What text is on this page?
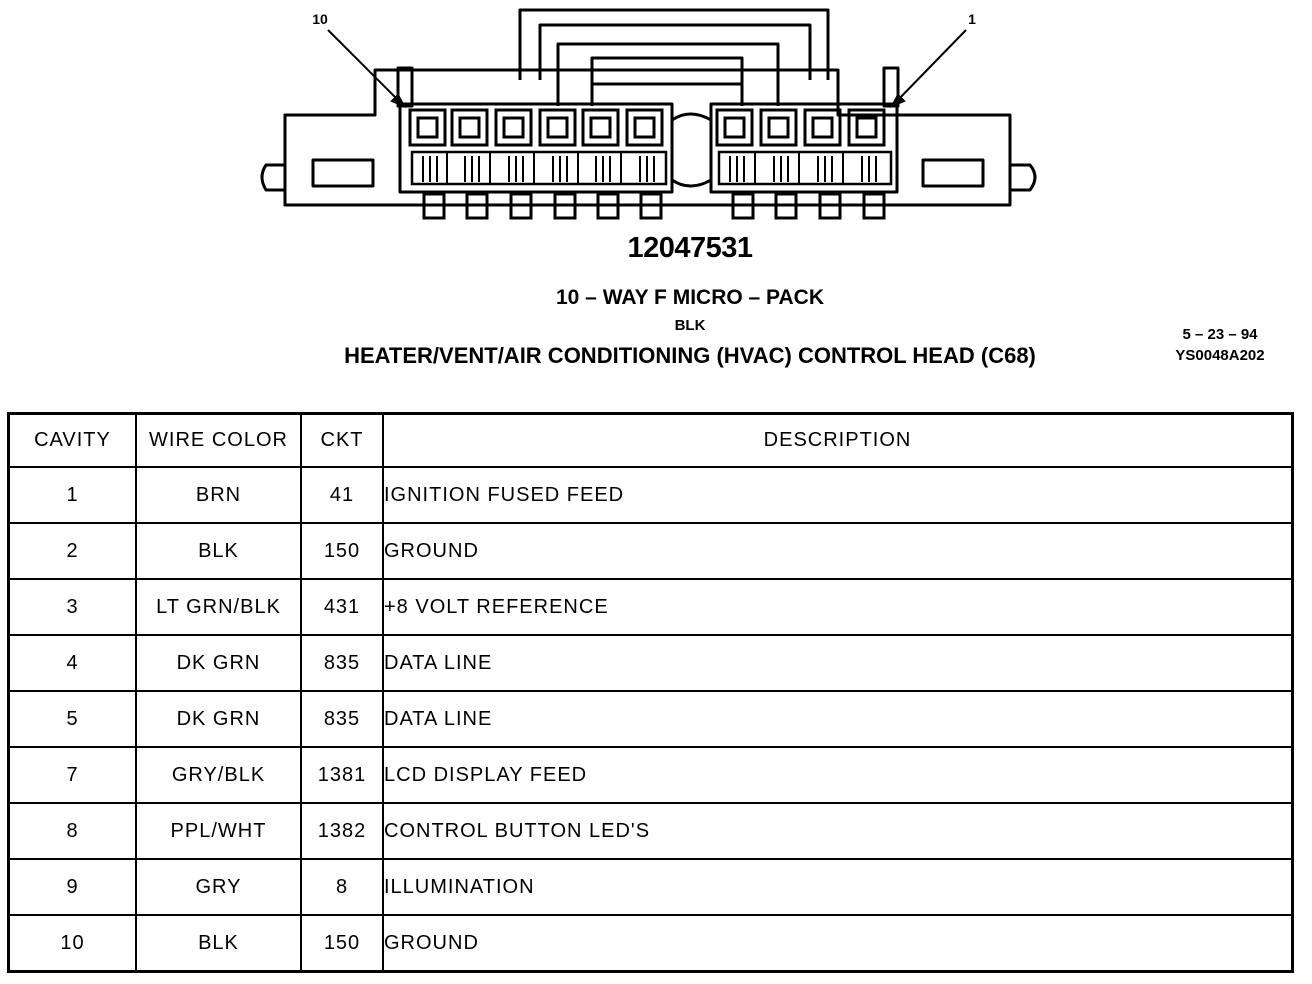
10	1
12047531
10 – WAY F MICRO – PACK
BLK
HEATER/VENT/AIR CONDITIONING (HVAC) CONTROL HEAD (C68)
5 – 23 – 94
YS0048A202
CAVITY	WIRE COLOR	CKT	DESCRIPTION
1	BRN	41	IGNITION FUSED FEED
2	BLK	150	GROUND
3	LT GRN/BLK	431	+8 VOLT REFERENCE
4	DK GRN	835	DATA LINE
5	DK GRN	835	DATA LINE
7	GRY/BLK	1381	LCD DISPLAY FEED
8	PPL/WHT	1382	CONTROL BUTTON LED'S
9	GRY	8	ILLUMINATION
10	BLK	150	GROUND
